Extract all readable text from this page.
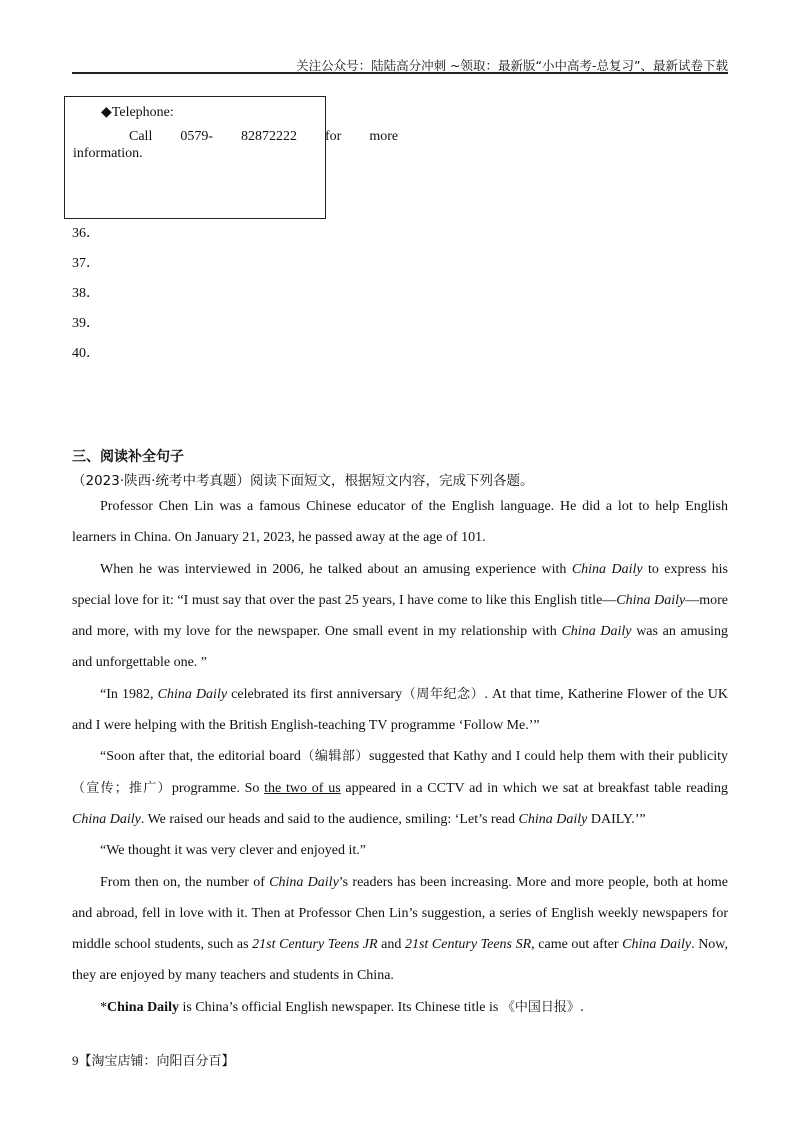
关注公众号：陆陆高分冲刺 ~领取：最新版“小中高考-总复习”、最新试卷下载
◆Telephone:
Call	0579-	82872222	for	more
information.
36．
37．
38．
39．
40．
三、阅读补全句子
（2023·陕西·统考中考真题）阅读下面短文，根据短文内容，完成下列各题。

Professor Chen Lin was a famous Chinese educator of the English language. He did a lot to help English learners in China. On January 21, 2023, he passed away at the age of 101.

When he was interviewed in 2006, he talked about an amusing experience with China Daily to express his special love for it: “I must say that over the past 25 years, I have come to like this English title—China Daily—more and more, with my love for the newspaper. One small event in my relationship with China Daily was an amusing and unforgettable one. ”

“In 1982, China Daily celebrated its first anniversary（周年纪念）. At that time, Katherine Flower of the UK and I were helping with the British English-teaching TV programme ‘Follow Me.’”

“Soon after that, the editorial board（编辑部）suggested that Kathy and I could help them with their publicity（宣传；推广）programme. So the two of us appeared in a CCTV ad in which we sat at breakfast table reading China Daily. We raised our heads and said to the audience, smiling: ‘Let’s read China Daily DAILY.’”

“We thought it was very clever and enjoyed it.”

From then on, the number of China Daily’s readers has been increasing. More and more people, both at home and abroad, fell in love with it. Then at Professor Chen Lin’s suggestion, a series of English weekly newspapers for middle school students, such as 21st Century Teens JR and 21st Century Teens SR, came out after China Daily. Now, they are enjoyed by many teachers and students in China.

*China Daily is China’s official English newspaper. Its Chinese title is 《中国日报》.
9【淘宝店铺：向阳百分百】
